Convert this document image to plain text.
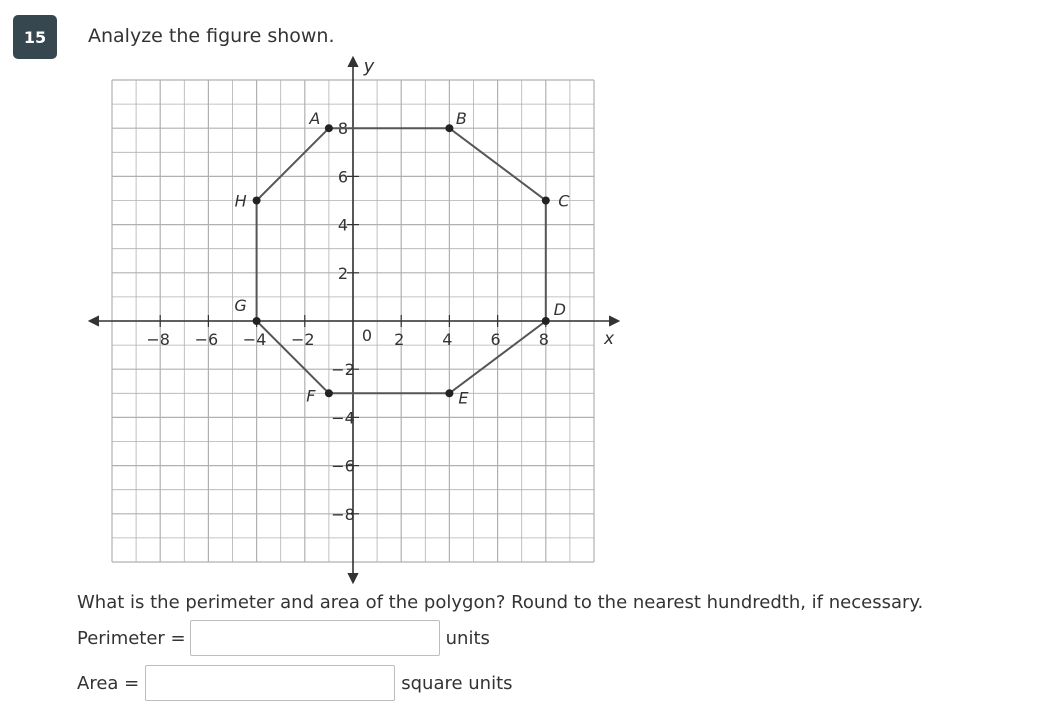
15	Analyze the figure shown.
−8 −6 −4 −2	2 4 6 8
8
6
4
2
−2
−4
−6
−8
0	x
y
A	B
C
D
E
F
G
H
What is the perimeter and area of the polygon? Round to the nearest hundredth, if necessary.
Perimeter =	units
Area =	square units
